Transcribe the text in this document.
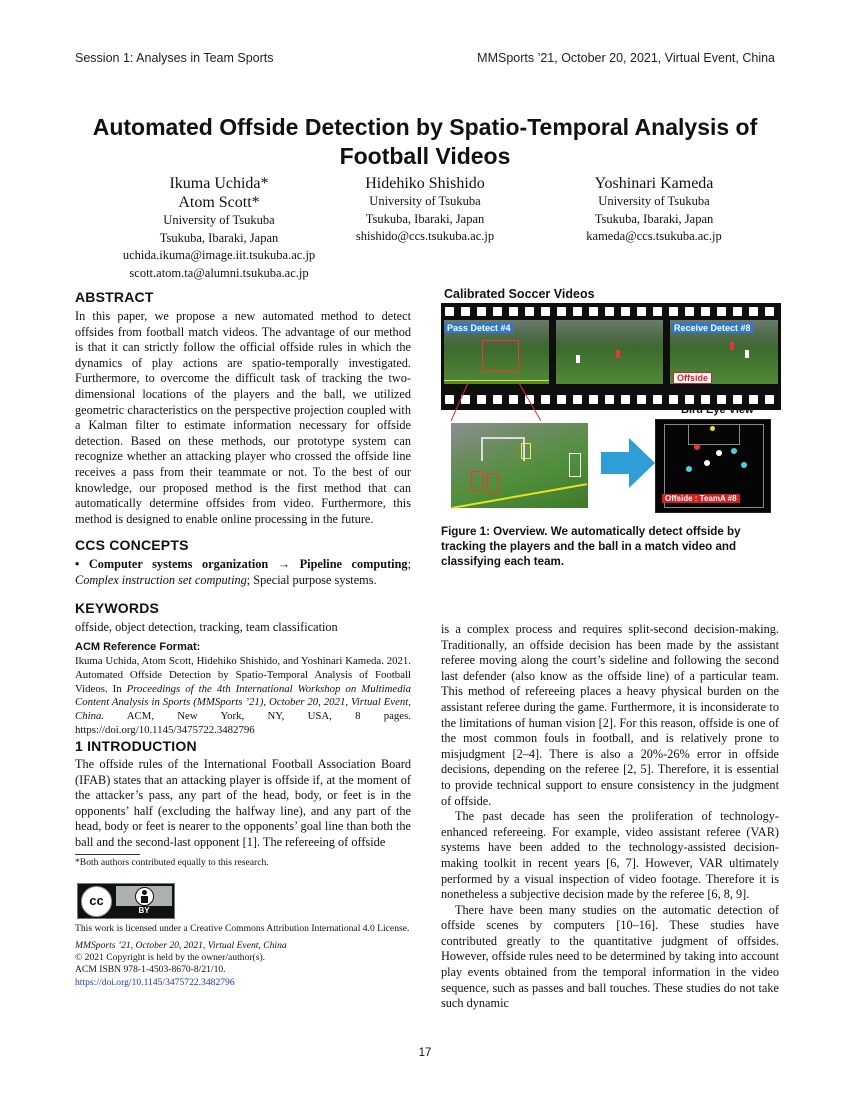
Session 1: Analyses in Team Sports	MMSports ’21, October 20, 2021, Virtual Event, China
Automated Offside Detection by Spatio-Temporal Analysis of Football Videos
Ikuma Uchida*
Atom Scott*
University of Tsukuba
Tsukuba, Ibaraki, Japan
uchida.ikuma@image.iit.tsukuba.ac.jp
scott.atom.ta@alumni.tsukuba.ac.jp
Hidehiko Shishido
University of Tsukuba
Tsukuba, Ibaraki, Japan
shishido@ccs.tsukuba.ac.jp
Yoshinari Kameda
University of Tsukuba
Tsukuba, Ibaraki, Japan
kameda@ccs.tsukuba.ac.jp
ABSTRACT

In this paper, we propose a new automated method to detect offsides from football match videos. The advantage of our method is that it can strictly follow the official offside rules in which the dynamics of play actions are spatio-temporally investigated. Furthermore, to overcome the difficult task of tracking the two-dimensional locations of the players and the ball, we utilized geometric characteristics on the perspective projection coupled with a Kalman filter to estimate information necessary for offside detection. Based on these methods, our prototype system can recognize whether an attacking player who crossed the offside line receives a pass from their teammate or not. To the best of our knowledge, our proposed method is the first method that can automatically determine offsides from video. Furthermore, this method is designed to enable online processing in the future.

CCS CONCEPTS

• Computer systems organization → Pipeline computing; Complex instruction set computing; Special purpose systems.

KEYWORDS
offside, object detection, tracking, team classification
ACM Reference Format:
Ikuma Uchida, Atom Scott, Hidehiko Shishido, and Yoshinari Kameda. 2021. Automated Offside Detection by Spatio-Temporal Analysis of Football Videos. In Proceedings of the 4th International Workshop on Multimedia Content Analysis in Sports (MMSports ’21), October 20, 2021, Virtual Event, China. ACM, New York, NY, USA, 8 pages. https://doi.org/10.1145/3475722.3482796
1 INTRODUCTION

The offside rules of the International Football Association Board (IFAB) states that an attacking player is offside if, at the moment of the attacker’s pass, any part of the head, body, or feet is in the opponents’ half (excluding the halfway line), and any part of the head, body or feet is nearer to the opponents’ goal line than both the ball and the second-last opponent [1]. The refereeing of offside

*Both authors contributed equally to this research.
cc
BY
This work is licensed under a Creative Commons Attribution International 4.0 License.
MMSports ’21, October 20, 2021, Virtual Event, China
© 2021 Copyright is held by the owner/author(s).
ACM ISBN 978-1-4503-8670-8/21/10.
https://doi.org/10.1145/3475722.3482796
Calibrated Soccer Videos
Pass Detect #4	Receive Detect #8
Offside
Bird Eye View
Offside : TeamA #8
Figure 1: Overview. We automatically detect offside by tracking the players and the ball in a match video and classifying each team.

is a complex process and requires split-second decision-making. Traditionally, an offside decision has been made by the assistant referee moving along the court’s sideline and following the second last defender (also know as the offside line) of a particular team. This method of refereeing places a heavy physical burden on the assistant referee during the game. Furthermore, it is inconsiderate to the limitations of human vision [2]. For this reason, offside is one of the most common fouls in football, and is relatively prone to misjudgment [2–4]. There is also a 20%-26% error in offside decisions, depending on the referee [2, 5]. Therefore, it is essential to provide technical support to ensure consistency in the judgment of offside.

The past decade has seen the proliferation of technology-enhanced refereeing. For example, video assistant referee (VAR) systems have been added to the technology-assisted decision-making toolkit in recent years [6, 7]. However, VAR ultimately performed by a visual inspection of video footage. Therefore it is nonetheless a subjective decision made by the referee [6, 8, 9].

There have been many studies on the automatic detection of offside scenes by computers [10–16]. These studies have contributed greatly to the quantitative judgment of offsides. However, offside rules need to be determined by taking into account play events obtained from the temporal information in the video sequence, such as passes and ball touches. These studies do not take such dynamic

17
